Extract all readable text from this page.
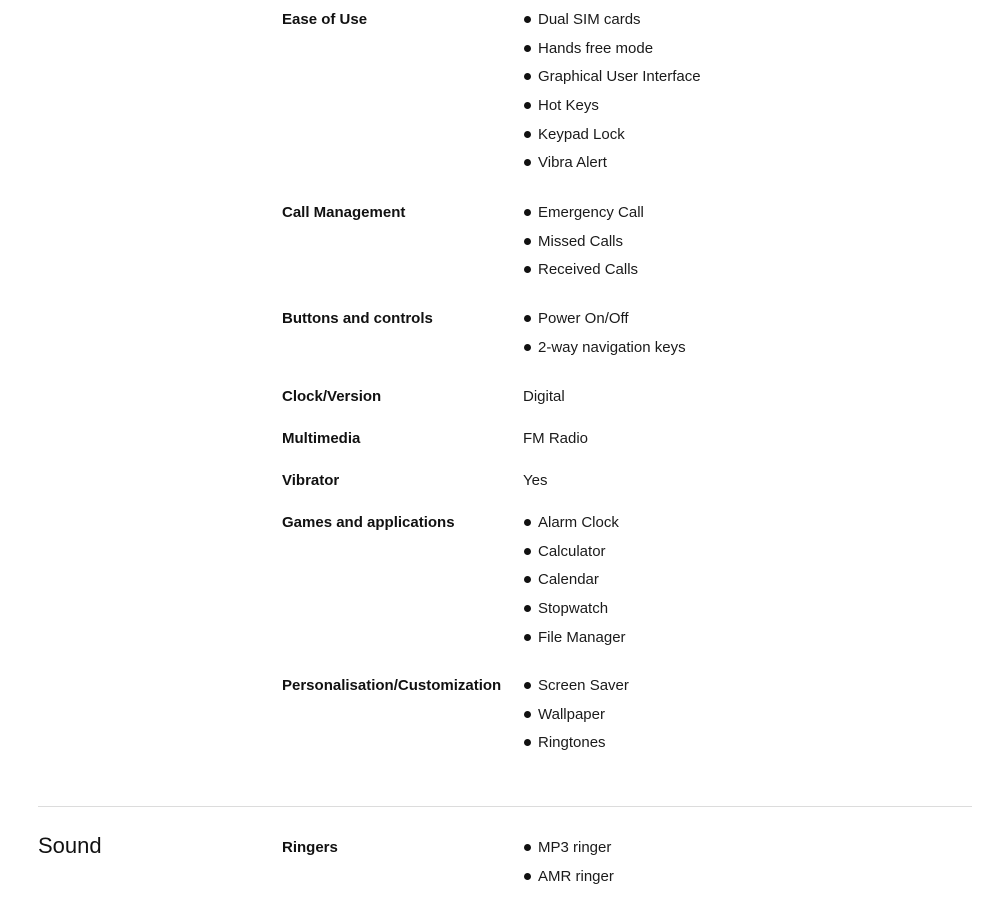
Ease of Use	Dual SIM cards
Hands free mode
Graphical User Interface
Hot Keys
Keypad Lock
Vibra Alert
Call Management	Emergency Call
Missed Calls
Received Calls
Buttons and controls	Power On/Off
2-way navigation keys
Clock/Version	Digital
Multimedia	FM Radio
Vibrator	Yes
Games and applications	Alarm Clock
Calculator
Calendar
Stopwatch
File Manager
Personalisation/Customization	Screen Saver
Wallpaper
Ringtones
Sound	Ringers	MP3 ringer
AMR ringer
